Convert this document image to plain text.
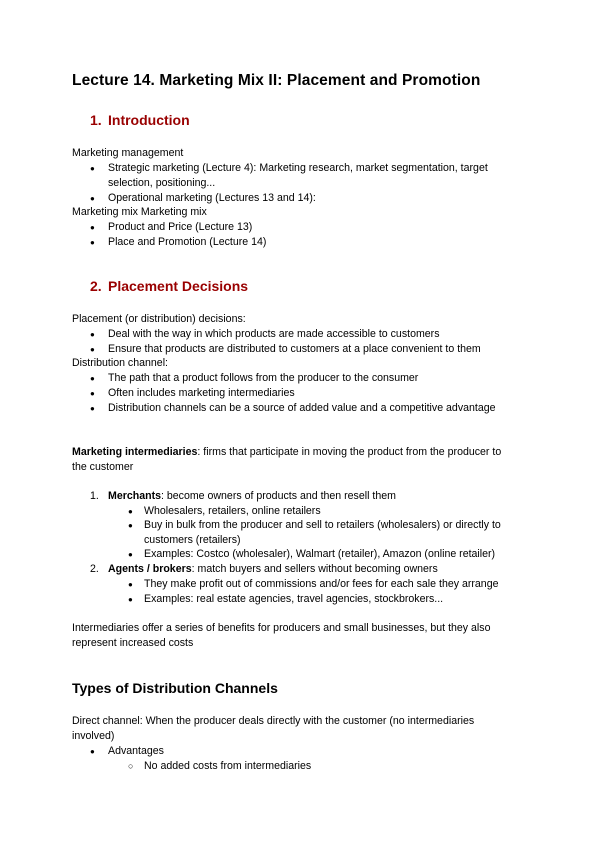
Lecture 14. Marketing Mix II: Placement and Promotion
1. Introduction
Marketing management
● Strategic marketing (Lecture 4): Marketing research, market segmentation, target
selection, positioning...
● Operational marketing (Lectures 13 and 14):
Marketing mix Marketing mix
● Product and Price (Lecture 13)
● Place and Promotion (Lecture 14)
2. Placement Decisions
Placement (or distribution) decisions:
● Deal with the way in which products are made accessible to customers
● Ensure that products are distributed to customers at a place convenient to them
Distribution channel:
● The path that a product follows from the producer to the consumer
● Often includes marketing intermediaries
● Distribution channels can be a source of added value and a competitive advantage
Marketing intermediaries: firms that participate in moving the product from the producer to
the customer
1. Merchants: become owners of products and then resell them
● Wholesalers, retailers, online retailers
● Buy in bulk from the producer and sell to retailers (wholesalers) or directly to
customers (retailers)
● Examples: Costco (wholesaler), Walmart (retailer), Amazon (online retailer)
2. Agents / brokers: match buyers and sellers without becoming owners
● They make profit out of commissions and/or fees for each sale they arrange
● Examples: real estate agencies, travel agencies, stockbrokers...
Intermediaries offer a series of benefits for producers and small businesses, but they also
represent increased costs
Types of Distribution Channels
Direct channel: When the producer deals directly with the customer (no intermediaries
involved)
● Advantages
○ No added costs from intermediaries
